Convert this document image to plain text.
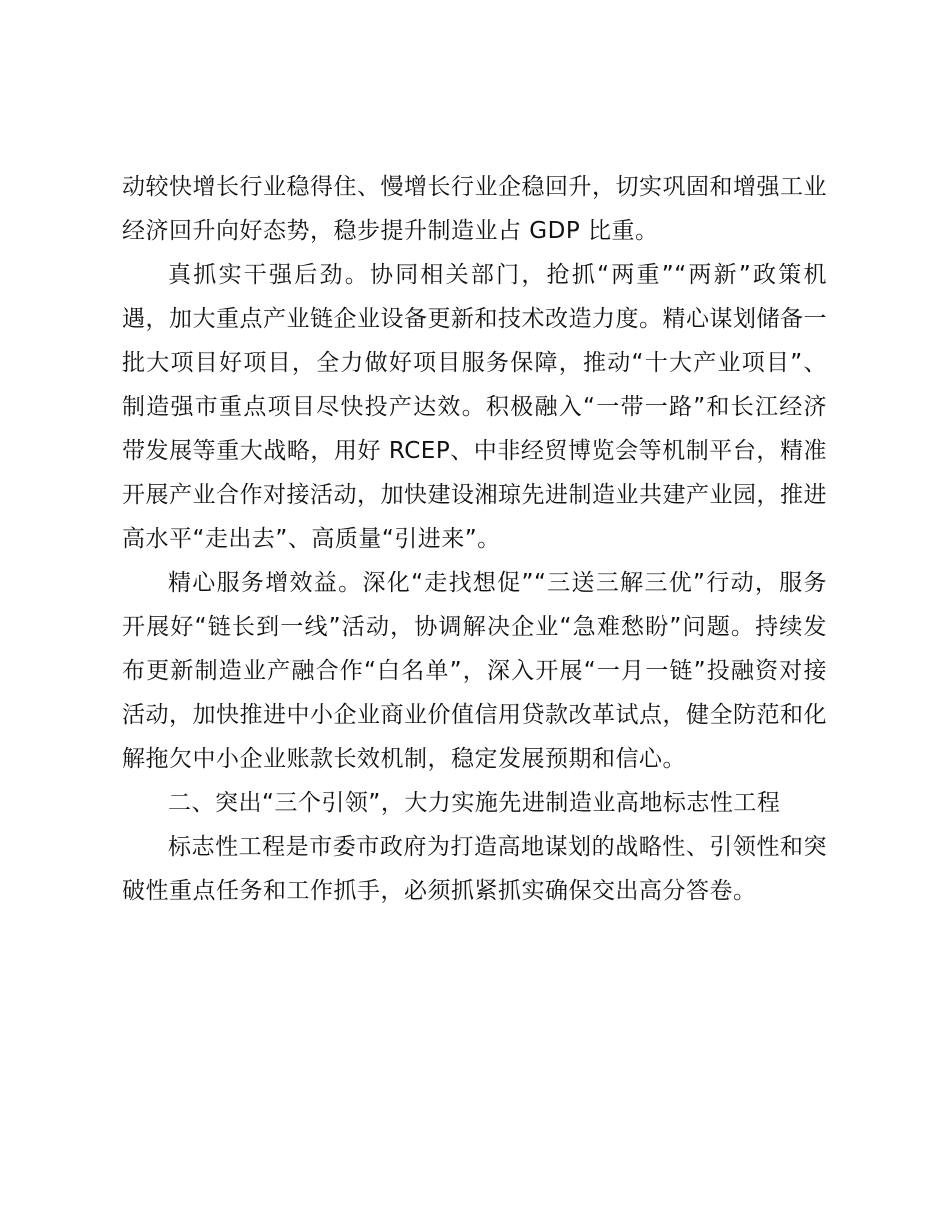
动较快增长行业稳得住、慢增长行业企稳回升，切实巩固和增强工业经济回升向好态势，稳步提升制造业占 GDP 比重。

真抓实干强后劲。协同相关部门，抢抓“两重”“两新”政策机遇，加大重点产业链企业设备更新和技术改造力度。精心谋划储备一批大项目好项目，全力做好项目服务保障，推动“十大产业项目”、制造强市重点项目尽快投产达效。积极融入“一带一路”和长江经济带发展等重大战略，用好 RCEP、中非经贸博览会等机制平台，精准开展产业合作对接活动，加快建设湘琼先进制造业共建产业园，推进高水平“走出去”、高质量“引进来”。

精心服务增效益。深化“走找想促”“三送三解三优”行动，服务开展好“链长到一线”活动，协调解决企业“急难愁盼”问题。持续发布更新制造业产融合作“白名单”，深入开展“一月一链”投融资对接活动，加快推进中小企业商业价值信用贷款改革试点，健全防范和化解拖欠中小企业账款长效机制，稳定发展预期和信心。

二、突出“三个引领”，大力实施先进制造业高地标志性工程

标志性工程是市委市政府为打造高地谋划的战略性、引领性和突破性重点任务和工作抓手，必须抓紧抓实确保交出高分答卷。
